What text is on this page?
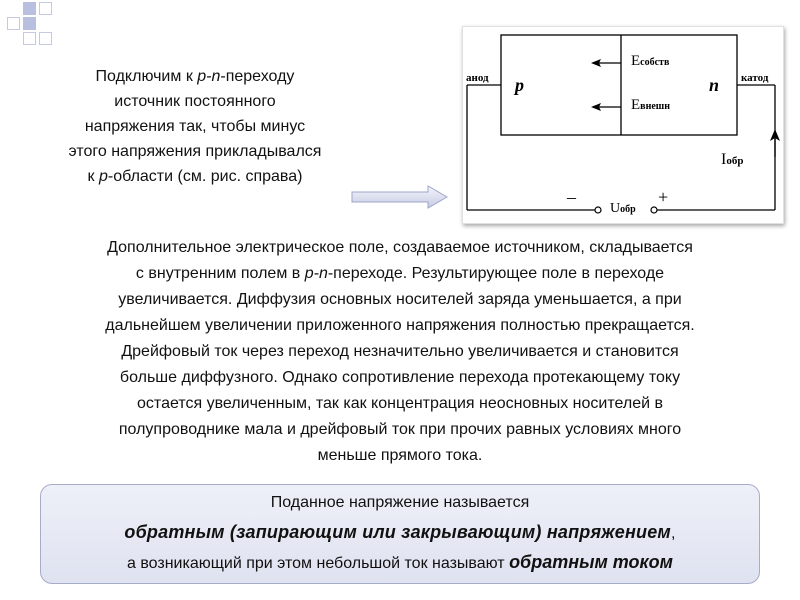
Подключим к p-n-переходу
источник постоянного
напряжения так, чтобы минус
этого напряжения прикладывался
к p-области (см. рис. справа)
анод	катод
p	n
Eсобств
Eвнешн
Iобр
–	+
Uобр
Дополнительное электрическое поле, создаваемое источником, складывается
с внутренним полем в p-n-переходе. Результирующее поле в переходе
увеличивается. Диффузия основных носителей заряда уменьшается, а при
дальнейшем увеличении приложенного напряжения полностью прекращается.
Дрейфовый ток через переход незначительно увеличивается и становится
больше диффузного. Однако сопротивление перехода протекающему току
остается увеличенным, так как концентрация неосновных носителей в
полупроводнике мала и дрейфовый ток при прочих равных условиях много
меньше прямого тока.
Поданное напряжение называется
обратным (запирающим или закрывающим) напряжением,
а возникающий при этом небольшой ток называют обратным током
